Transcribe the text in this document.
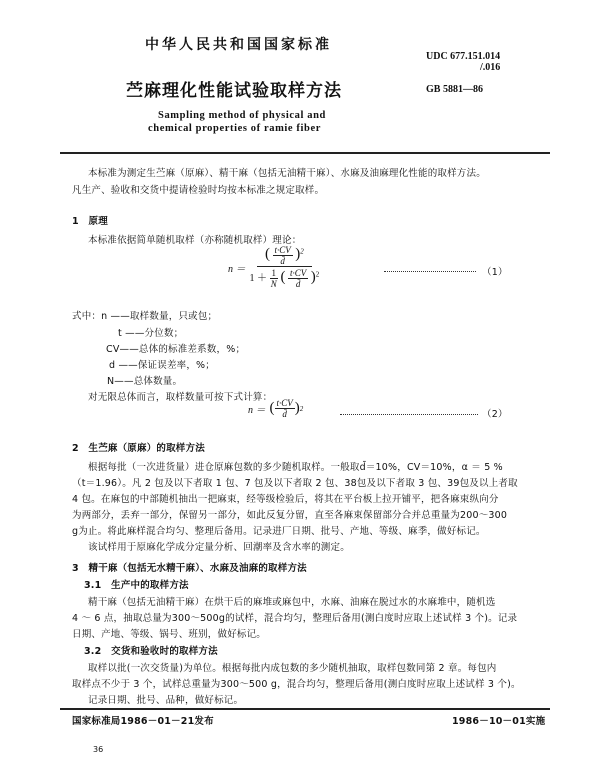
中华人民共和国国家标准
UDC 677.151.014
/.016
苎麻理化性能试验取样方法	GB 5881—86
Sampling method of physical and
chemical properties of ramie fiber
本标准为测定生苎麻（原麻）、精干麻（包括无油精干麻）、水麻及油麻理化性能的取样方法。
凡生产、验收和交货中提请检验时均按本标准之规定取样。
1　原理
本标准依据简单随机取样（亦称随机取样）理论：
$n = \frac{( \frac{t\cdot CV}{d̄} )^2}{1 + \frac{1}{N} ( \frac{t\cdot CV}{d̄} )^2}$	（1）
式中：n ——取样数量，只或包；
t ——分位数；
CV——总体的标准差系数，%；
d ——保证误差率，%；
N——总体数量。
对无限总体而言，取样数量可按下式计算：
n ＝ ( $\frac{t\cdot CV}{d̄}$ ) 2
（2）
2　生苎麻（原麻）的取样方法
根据每批（一次进货量）进仓原麻包数的多少随机取样。一般取d̄＝10%，CV＝10%，α ＝ 5 %
（t＝1.96）。凡 2 包及以下者取 1 包、7 包及以下者取 2 包、38包及以下者取 3 包、39包及以上者取
4 包。在麻包的中部随机抽出一把麻束，经等级检验后，将其在平台板上拉开铺平，把各麻束纵向分
为两部分，丢弃一部分，保留另一部分，如此反复分留，直至各麻束保留部分合并总重量为200～300
g为止。将此麻样混合均匀、整理后备用。记录进厂日期、批号、产地、等级、麻季，做好标记。
该试样用于原麻化学成分定量分析、回潮率及含水率的测定。
3　精干麻（包括无水精干麻）、水麻及油麻的取样方法
3.1　生产中的取样方法
精干麻（包括无油精干麻）在烘干后的麻堆或麻包中，水麻、油麻在脱过水的水麻堆中，随机选
4 ～ 6 点，抽取总量为300～500g的试样，混合均匀，整理后备用(测白度时应取上述试样 3 个)。记录
日期、产地、等级、锅号、班别，做好标记。
3.2　交货和验收时的取样方法
取样以批(一次交货量)为单位。根据每批内成包数的多少随机抽取，取样包数同第 2 章。每包内
取样点不少于 3 个，试样总重量为300～500 g，混合均匀，整理后备用(测白度时应取上述试样 3 个)。
记录日期、批号、品种，做好标记。
国家标准局1986－01－21发布	1986－10－01实施
36
